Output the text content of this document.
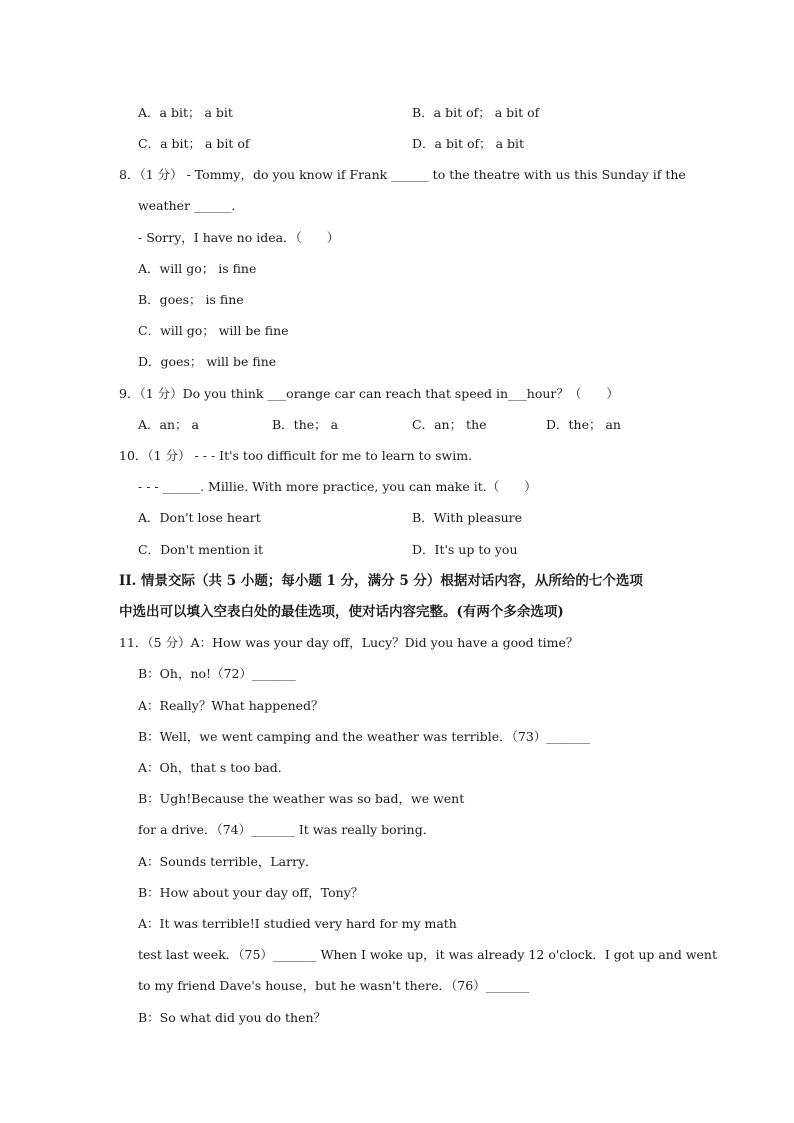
A．a bit； a bit	B．a bit of； a bit of
C．a bit； a bit of	D．a bit of； a bit
8．（1 分） - Tommy，do you know if Frank ______ to the theatre with us this Sunday if the
weather ______．
- Sorry，I have no idea．（　　）
A．will go； is fine
B．goes； is fine
C．will go； will be fine
D．goes； will be fine
9．（1 分）Do you think ___orange car can reach that speed in___hour？（　　）
A．an； a	B．the； a	C．an； the	D．the； an
10．（1 分） - - - It's too difficult for me to learn to swim.
- - - ______. Millie. With more practice, you can make it.（　　）
A．Don't lose heart	B．With pleasure
C．Don't mention it	D．It's up to you
II. 情景交际（共 5 小题；每小题 1 分，满分 5 分）根据对话内容，从所给的七个选项
中选出可以填入空表白处的最佳选项，使对话内容完整。(有两个多余选项)
11．（5 分）A：How was your day off，Lucy？Did you have a good time？
B：Oh，no!（72）_______
A：Really？What happened？
B：Well，we went camping and the weather was terrible．（73）_______
A：Oh，that s too bad．
B：Ugh!Because the weather was so bad，we went
for a drive．（74）_______ It was really boring．
A：Sounds terrible，Larry．
B：How about your day off，Tony？
A：It was terrible!I studied very hard for my math
test last week．（75）_______ When I woke up，it was already 12 o'clock．I got up and went
to my friend Dave's house，but he wasn't there．（76）_______
B：So what did you do then？
